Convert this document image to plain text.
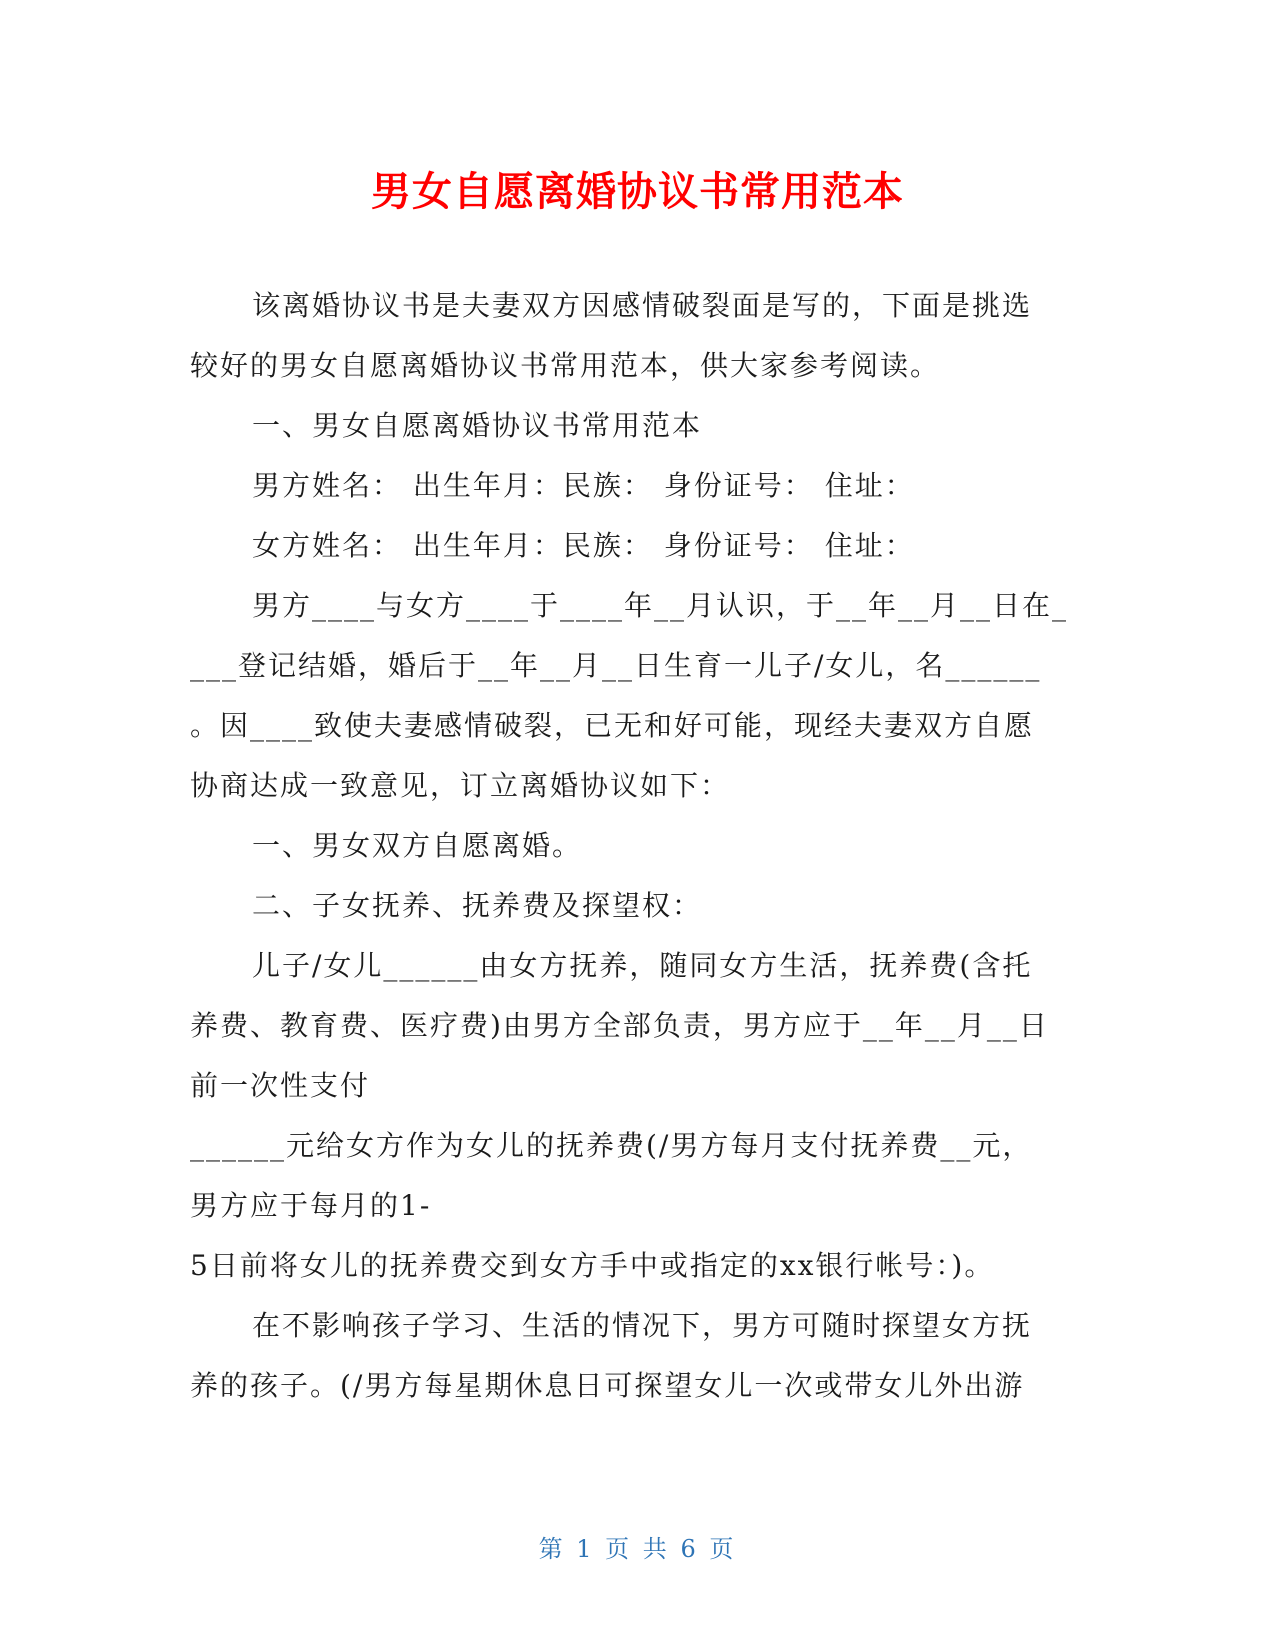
男女自愿离婚协议书常用范本
该离婚协议书是夫妻双方因感情破裂面是写的，下面是挑选
较好的男女自愿离婚协议书常用范本，供大家参考阅读。
一、男女自愿离婚协议书常用范本
男方姓名： 出生年月：民族： 身份证号： 住址：
女方姓名： 出生年月：民族： 身份证号： 住址：
男方____与女方____于____年__月认识，于__年__月__日在_
___登记结婚，婚后于__年__月__日生育一儿子/女儿，名______
。因____致使夫妻感情破裂，已无和好可能，现经夫妻双方自愿
协商达成一致意见，订立离婚协议如下：
一、男女双方自愿离婚。
二、子女抚养、抚养费及探望权：
儿子/女儿______由女方抚养，随同女方生活，抚养费(含托
养费、教育费、医疗费)由男方全部负责，男方应于__年__月__日
前一次性支付
______元给女方作为女儿的抚养费(/男方每月支付抚养费__元，
男方应于每月的1-
5日前将女儿的抚养费交到女方手中或指定的xx银行帐号：)。
在不影响孩子学习、生活的情况下，男方可随时探望女方抚
养的孩子。(/男方每星期休息日可探望女儿一次或带女儿外出游
第 1 页 共 6 页
